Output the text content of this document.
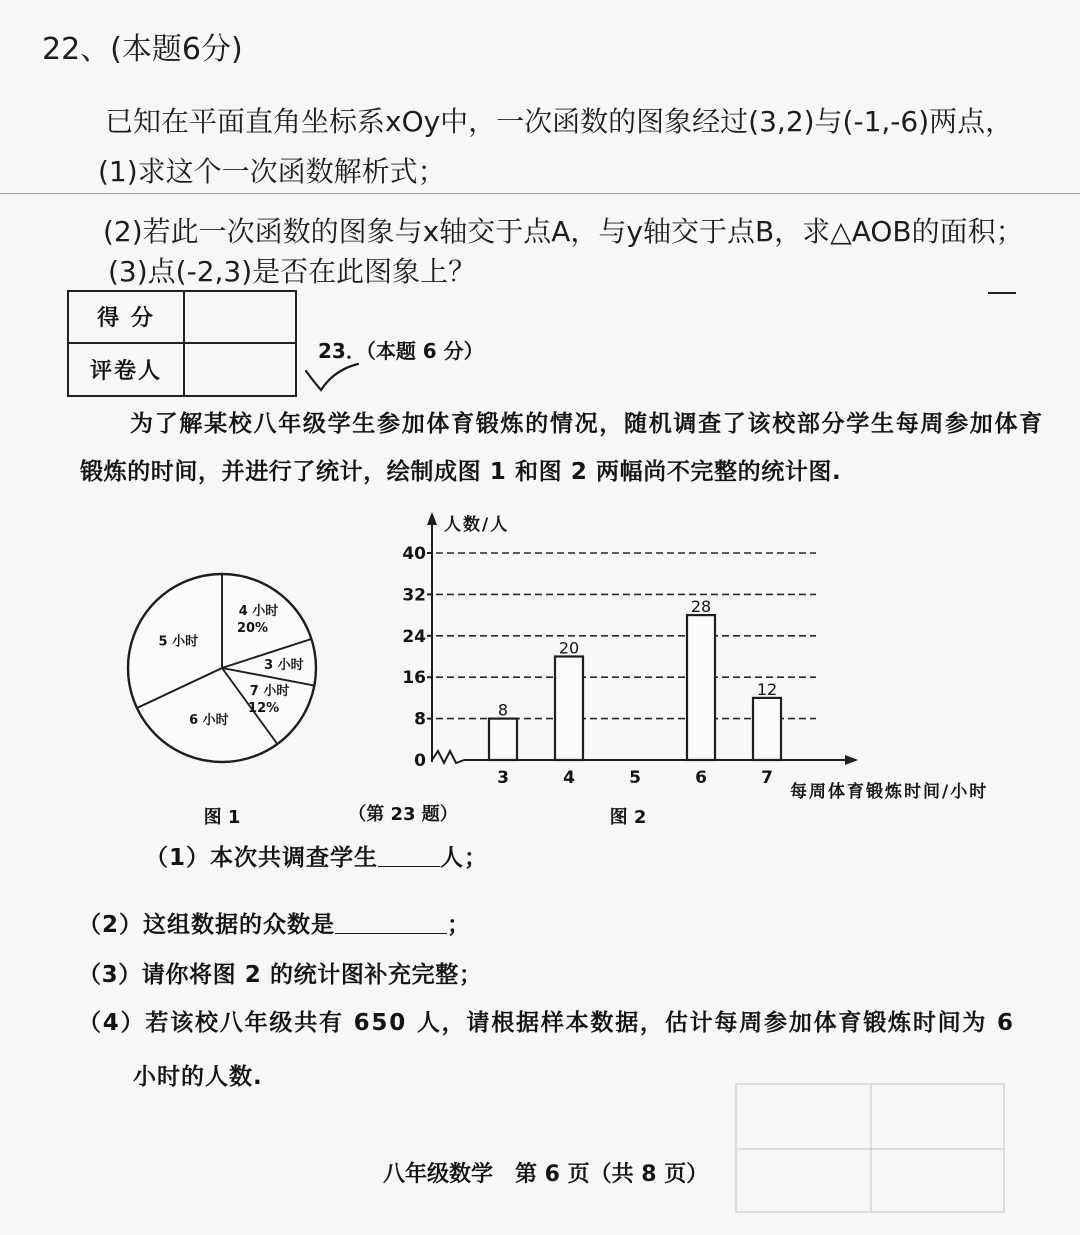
22、(本题6分)
已知在平面直角坐标系xOy中，一次函数的图象经过(3,2)与(-1,-6)两点，
(1)求这个一次函数解析式；
(2)若此一次函数的图象与x轴交于点A，与y轴交于点B，求△AOB的面积；
(3)点(-2,3)是否在此图象上？
得 分
评卷人
23．（本题 6 分）
为了解某校八年级学生参加体育锻炼的情况，随机调查了该校部分学生每周参加体育
锻炼的时间，并进行了统计，绘制成图 1 和图 2 两幅尚不完整的统计图.
4 小时
20%
3 小时
7 小时
12%
6 小时
5 小时
0
8
16
24
32
40
8
3
20
4	5
28
6
12
7
人数/人
每周体育锻炼时间/小时
图 1	（第 23 题）	图 2
（1）本次共调查学生	人；
（2）这组数据的众数是	；
（3）请你将图 2 的统计图补充完整；
（4）若该校八年级共有 650 人，请根据样本数据，估计每周参加体育锻炼时间为 6
小时的人数.
八年级数学　第 6 页（共 8 页）
